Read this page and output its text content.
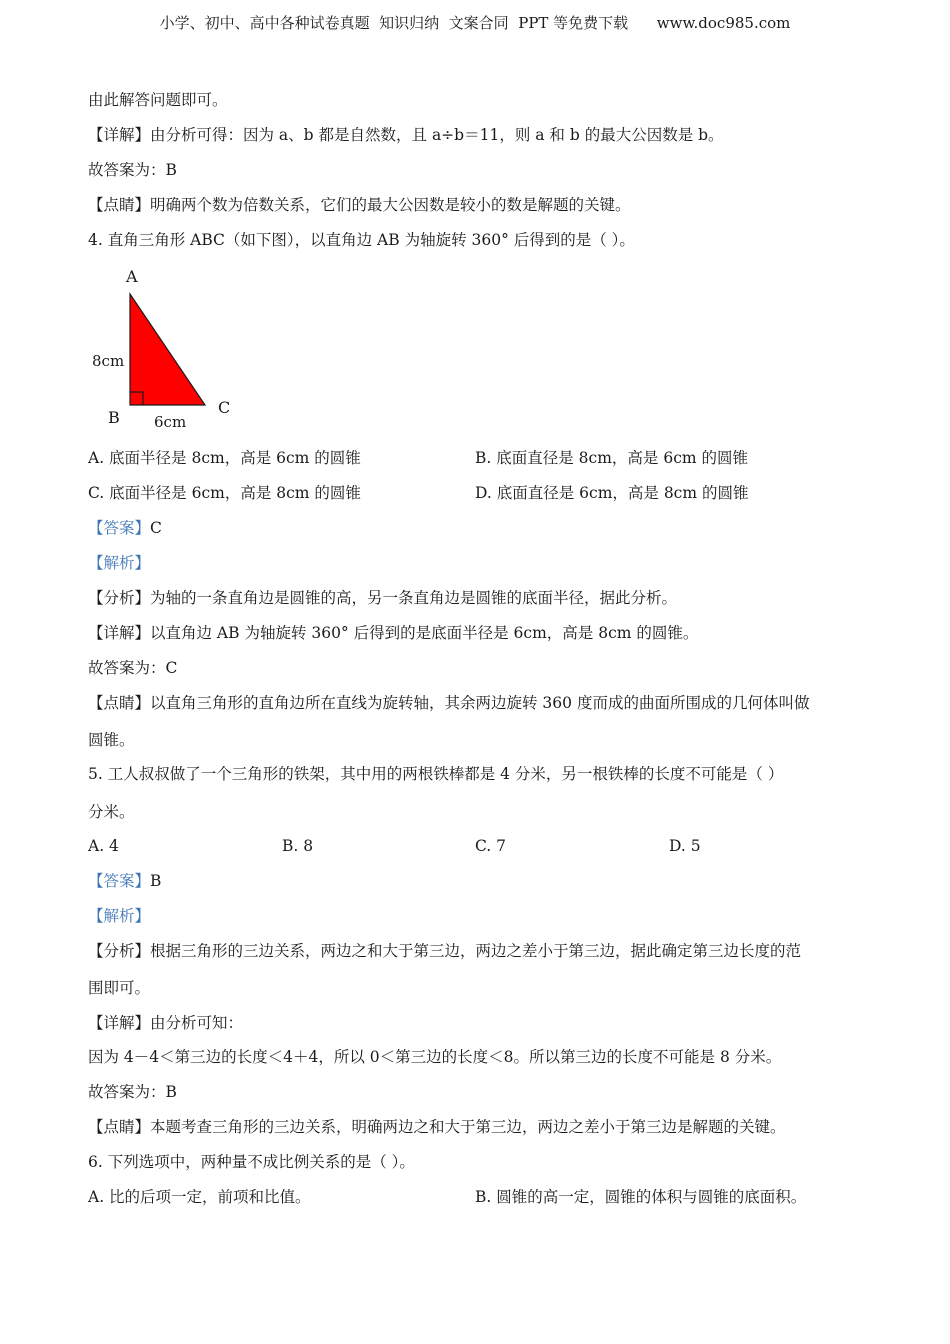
小学、初中、高中各种试卷真题  知识归纳  文案合同  PPT 等免费下载      www.doc985.com
由此解答问题即可。
【详解】由分析可得：因为 a、b 都是自然数，且 a÷b＝11，则 a 和 b 的最大公因数是 b。
故答案为：B
【点睛】明确两个数为倍数关系，它们的最大公因数是较小的数是解题的关键。
4. 直角三角形 ABC（如下图），以直角边 AB 为轴旋转 360° 后得到的是（ ）。
A
8cm
B
C
6cm
A. 底面半径是 8cm，高是 6cm 的圆锥	B. 底面直径是 8cm，高是 6cm 的圆锥
C. 底面半径是 6cm，高是 8cm 的圆锥	D. 底面直径是 6cm，高是 8cm 的圆锥
【答案】C
【解析】
【分析】为轴的一条直角边是圆锥的高，另一条直角边是圆锥的底面半径，据此分析。
【详解】以直角边 AB 为轴旋转 360° 后得到的是底面半径是 6cm，高是 8cm 的圆锥。
故答案为：C
【点睛】以直角三角形的直角边所在直线为旋转轴，其余两边旋转 360 度而成的曲面所围成的几何体叫做
圆锥。
5. 工人叔叔做了一个三角形的铁架，其中用的两根铁棒都是 4 分米，另一根铁棒的长度不可能是（ ）
分米。
A. 4	B. 8	C. 7	D. 5
【答案】B
【解析】
【分析】根据三角形的三边关系，两边之和大于第三边，两边之差小于第三边，据此确定第三边长度的范
围即可。
【详解】由分析可知：
因为 4－4＜第三边的长度＜4＋4，所以 0＜第三边的长度＜8。所以第三边的长度不可能是 8 分米。
故答案为：B
【点睛】本题考查三角形的三边关系，明确两边之和大于第三边，两边之差小于第三边是解题的关键。
6. 下列选项中，两种量不成比例关系的是（ ）。
A. 比的后项一定，前项和比值。	B. 圆锥的高一定，圆锥的体积与圆锥的底面积。
